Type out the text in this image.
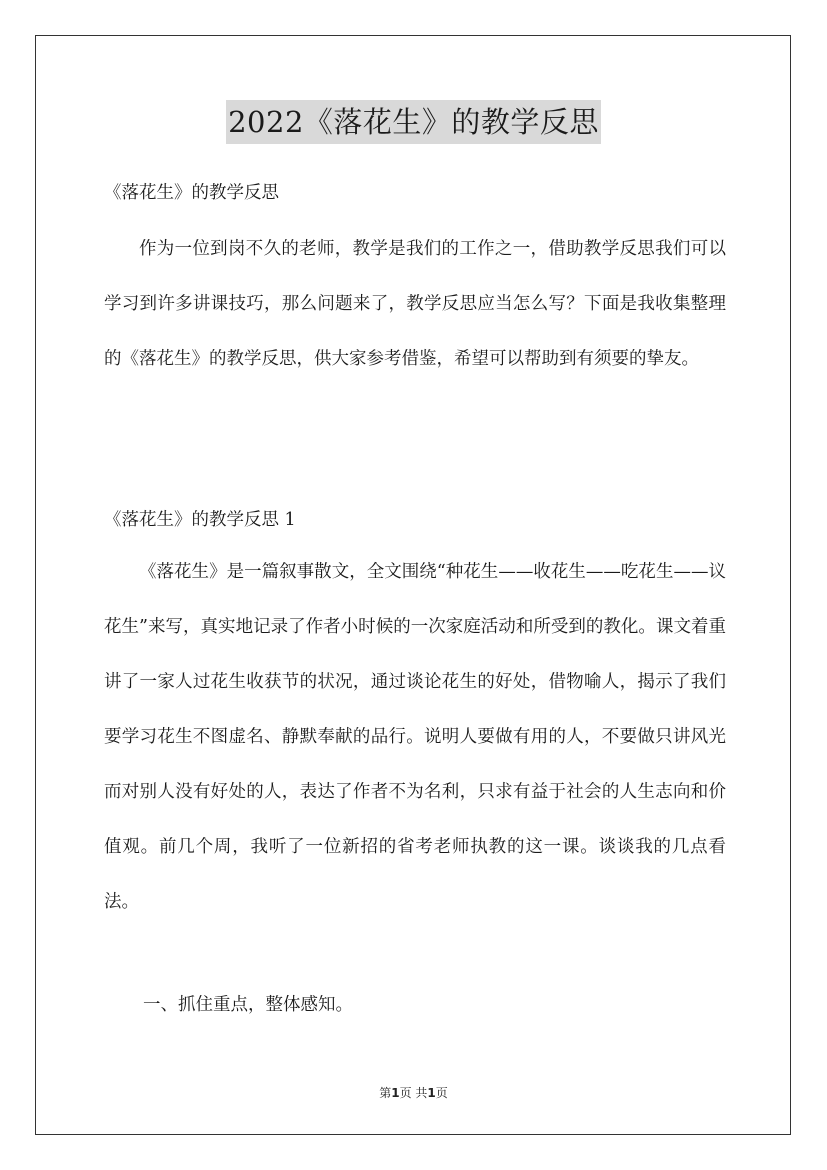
2022《落花生》的教学反思
《落花生》的教学反思

作为一位到岗不久的老师，教学是我们的工作之一，借助教学反思我们可以学习到许多讲课技巧，那么问题来了，教学反思应当怎么写？下面是我收集整理的《落花生》的教学反思，供大家参考借鉴，希望可以帮助到有须要的挚友。

《落花生》的教学反思 1

《落花生》是一篇叙事散文，全文围绕“种花生——收花生——吃花生——议花生”来写，真实地记录了作者小时候的一次家庭活动和所受到的教化。课文着重讲了一家人过花生收获节的状况，通过谈论花生的好处，借物喻人，揭示了我们要学习花生不图虚名、静默奉献的品行。说明人要做有用的人，不要做只讲风光 而对别人没有好处的人，表达了作者不为名利，只求有益于社会的人生志向和价值观。前几个周，我听了一位新招的省考老师执教的这一课。谈谈我的几点看法。

一、抓住重点，整体感知。
第1页 共1页
